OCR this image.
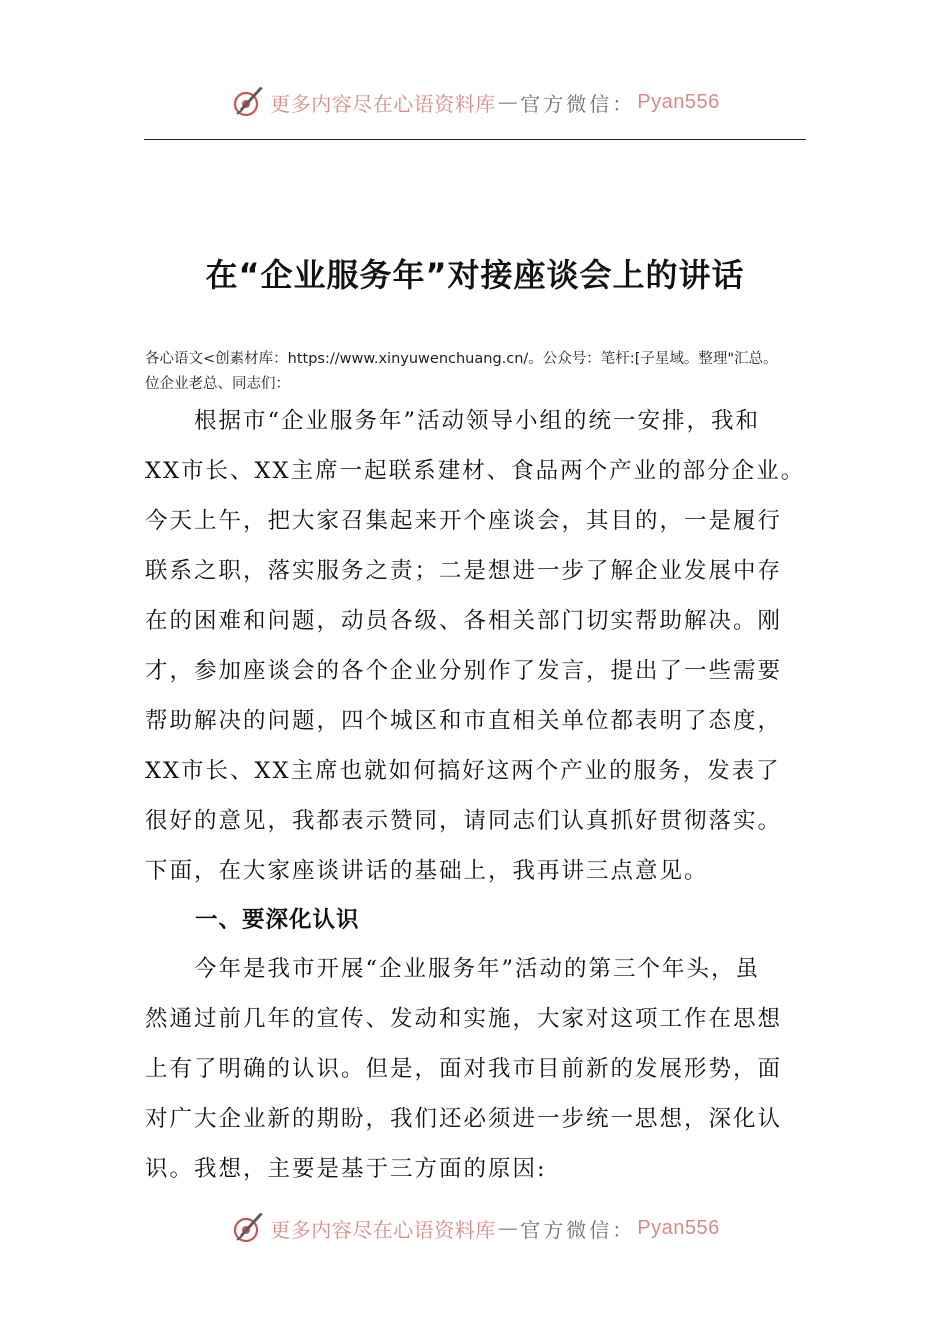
更多内容尽在心语资料库 — 官方微信： Pyan556
在“企业服务年”对接座谈会上的讲话
各心语文<创素材库：https://www.xinyuwenchuang.cn/。公众号：笔杆:[子星域。整理"汇总。
位企业老总、同志们：
　　根据市“企业服务年”活动领导小组的统一安排，我和
XX市长、XX主席一起联系建材、食品两个产业的部分企业。
今天上午，把大家召集起来开个座谈会，其目的，一是履行
联系之职，落实服务之责；二是想进一步了解企业发展中存
在的困难和问题，动员各级、各相关部门切实帮助解决。刚
才，参加座谈会的各个企业分别作了发言，提出了一些需要
帮助解决的问题，四个城区和市直相关单位都表明了态度，
XX市长、XX主席也就如何搞好这两个产业的服务，发表了
很好的意见，我都表示赞同，请同志们认真抓好贯彻落实。
下面，在大家座谈讲话的基础上，我再讲三点意见。
一、要深化认识
　　今年是我市开展“企业服务年”活动的第三个年头，虽
然通过前几年的宣传、发动和实施，大家对这项工作在思想
上有了明确的认识。但是，面对我市目前新的发展形势，面
对广大企业新的期盼，我们还必须进一步统一思想，深化认
识。我想，主要是基于三方面的原因:
更多内容尽在心语资料库 — 官方微信： Pyan556
